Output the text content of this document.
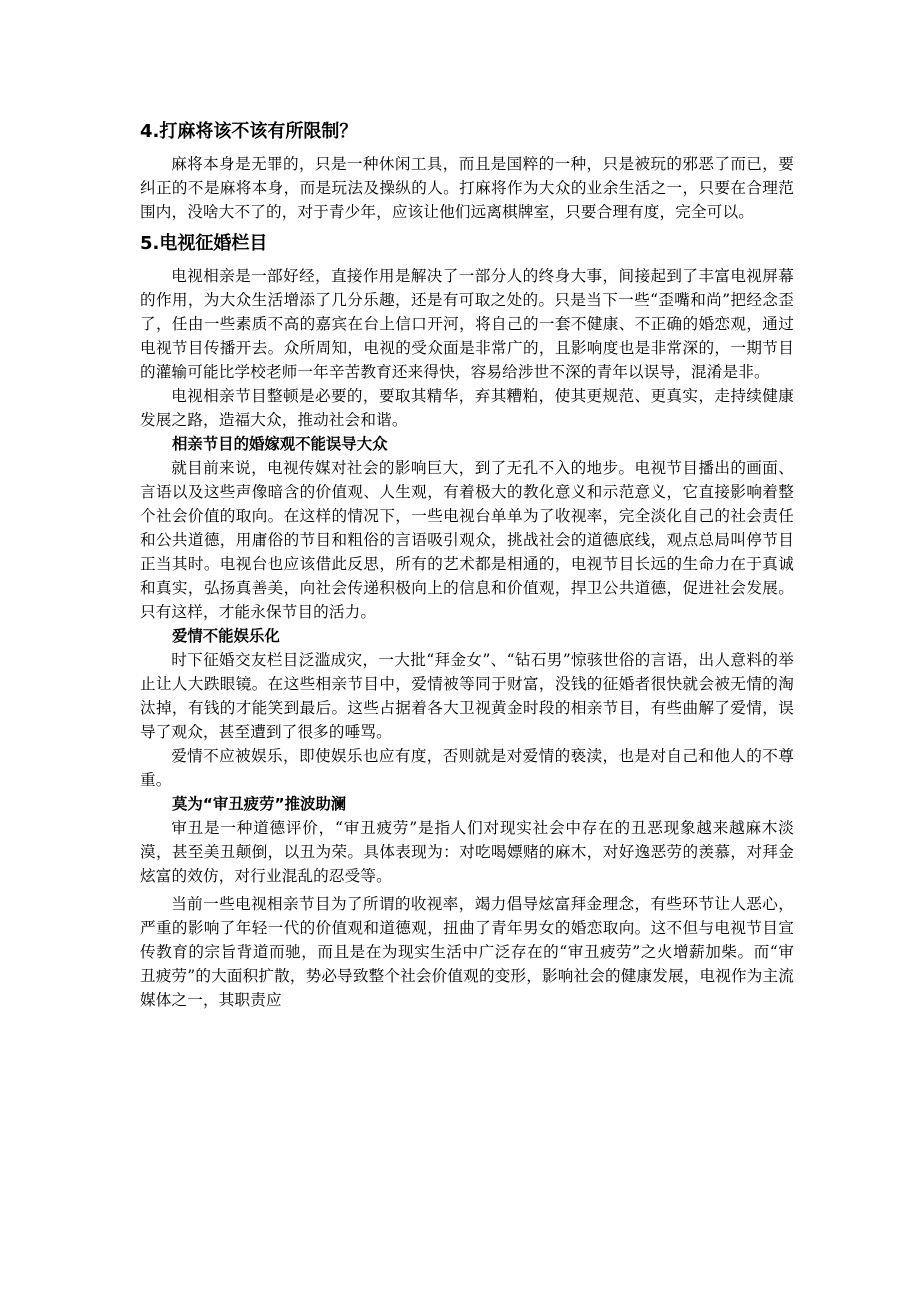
4.打麻将该不该有所限制？

麻将本身是无罪的，只是一种休闲工具，而且是国粹的一种，只是被玩的邪恶了而已，要纠正的不是麻将本身，而是玩法及操纵的人。打麻将作为大众的业余生活之一，只要在合理范围内，没啥大不了的，对于青少年，应该让他们远离棋牌室，只要合理有度，完全可以。

5.电视征婚栏目

电视相亲是一部好经，直接作用是解决了一部分人的终身大事，间接起到了丰富电视屏幕的作用，为大众生活增添了几分乐趣，还是有可取之处的。只是当下一些“歪嘴和尚”把经念歪了，任由一些素质不高的嘉宾在台上信口开河，将自己的一套不健康、不正确的婚恋观，通过电视节目传播开去。众所周知，电视的受众面是非常广的，且影响度也是非常深的，一期节目的灌输可能比学校老师一年辛苦教育还来得快，容易给涉世不深的青年以误导，混淆是非。

电视相亲节目整顿是必要的，要取其精华，弃其糟粕，使其更规范、更真实，走持续健康发展之路，造福大众，推动社会和谐。

相亲节目的婚嫁观不能误导大众

就目前来说，电视传媒对社会的影响巨大，到了无孔不入的地步。电视节目播出的画面、言语以及这些声像暗含的价值观、人生观，有着极大的教化意义和示范意义，它直接影响着整个社会价值的取向。在这样的情况下，一些电视台单单为了收视率，完全淡化自己的社会责任和公共道德，用庸俗的节目和粗俗的言语吸引观众，挑战社会的道德底线，观点总局叫停节目正当其时。电视台也应该借此反思，所有的艺术都是相通的，电视节目长远的生命力在于真诚和真实，弘扬真善美，向社会传递积极向上的信息和价值观，捍卫公共道德，促进社会发展。只有这样，才能永保节目的活力。

爱情不能娱乐化

时下征婚交友栏目泛滥成灾，一大批“拜金女”、“钻石男”惊骇世俗的言语，出人意料的举止让人大跌眼镜。在这些相亲节目中，爱情被等同于财富，没钱的征婚者很快就会被无情的淘汰掉，有钱的才能笑到最后。这些占据着各大卫视黄金时段的相亲节目，有些曲解了爱情，误导了观众，甚至遭到了很多的唾骂。

爱情不应被娱乐，即使娱乐也应有度，否则就是对爱情的亵渎，也是对自己和他人的不尊重。

莫为“审丑疲劳”推波助澜

审丑是一种道德评价，“审丑疲劳”是指人们对现实社会中存在的丑恶现象越来越麻木淡漠，甚至美丑颠倒，以丑为荣。具体表现为：对吃喝嫖赌的麻木，对好逸恶劳的羡慕，对拜金炫富的效仿，对行业混乱的忍受等。

当前一些电视相亲节目为了所谓的收视率，竭力倡导炫富拜金理念，有些环节让人恶心，严重的影响了年轻一代的价值观和道德观，扭曲了青年男女的婚恋取向。这不但与电视节目宣传教育的宗旨背道而驰，而且是在为现实生活中广泛存在的“审丑疲劳”之火增薪加柴。而“审丑疲劳”的大面积扩散，势必导致整个社会价值观的变形，影响社会的健康发展，电视作为主流媒体之一，其职责应
